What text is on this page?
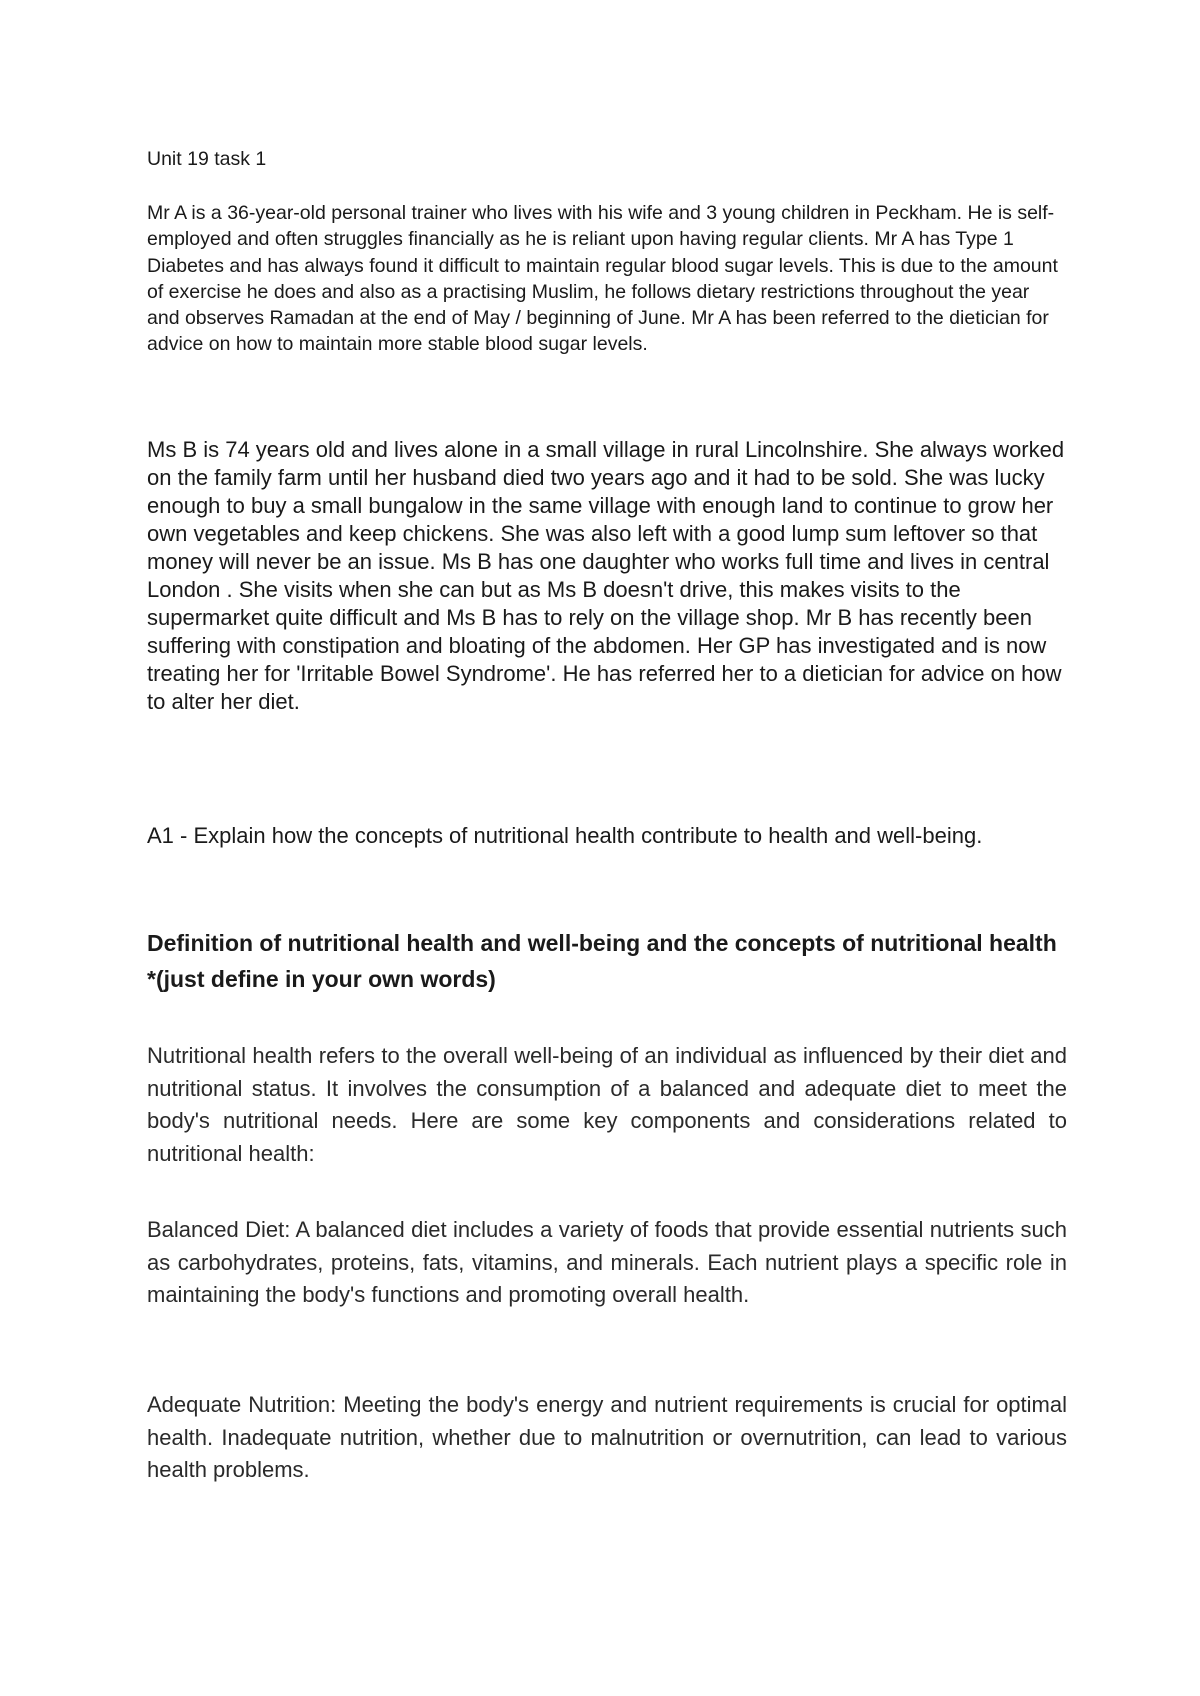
Unit 19 task 1

Mr A is a 36-year-old personal trainer who lives with his wife and 3 young children in Peckham. He is self-employed and often struggles financially as he is reliant upon having regular clients. Mr A has Type 1 Diabetes and has always found it difficult to maintain regular blood sugar levels. This is due to the amount of exercise he does and also as a practising Muslim, he follows dietary restrictions throughout the year and observes Ramadan at the end of May / beginning of June. Mr A has been referred to the dietician for advice on how to maintain more stable blood sugar levels.

Ms B is 74 years old and lives alone in a small village in rural Lincolnshire. She always worked on the family farm until her husband died two years ago and it had to be sold. She was lucky enough to buy a small bungalow in the same village with enough land to continue to grow her own vegetables and keep chickens. She was also left with a good lump sum leftover so that money will never be an issue. Ms B has one daughter who works full time and lives in central London . She visits when she can but as Ms B doesn't drive, this makes visits to the supermarket quite difficult and Ms B has to rely on the village shop. Mr B has recently been suffering with constipation and bloating of the abdomen. Her GP has investigated and is now treating her for 'Irritable Bowel Syndrome'. He has referred her to a dietician for advice on how to alter her diet.

A1 - Explain how the concepts of nutritional health contribute to health and well-being.

Definition of nutritional health and well-being and the concepts of nutritional health *(just define in your own words)

Nutritional health refers to the overall well-being of an individual as influenced by their diet and nutritional status. It involves the consumption of a balanced and adequate diet to meet the body's nutritional needs. Here are some key components and considerations related to nutritional health:

Balanced Diet: A balanced diet includes a variety of foods that provide essential nutrients such as carbohydrates, proteins, fats, vitamins, and minerals. Each nutrient plays a specific role in maintaining the body's functions and promoting overall health.

Adequate Nutrition: Meeting the body's energy and nutrient requirements is crucial for optimal health. Inadequate nutrition, whether due to malnutrition or overnutrition, can lead to various health problems.
